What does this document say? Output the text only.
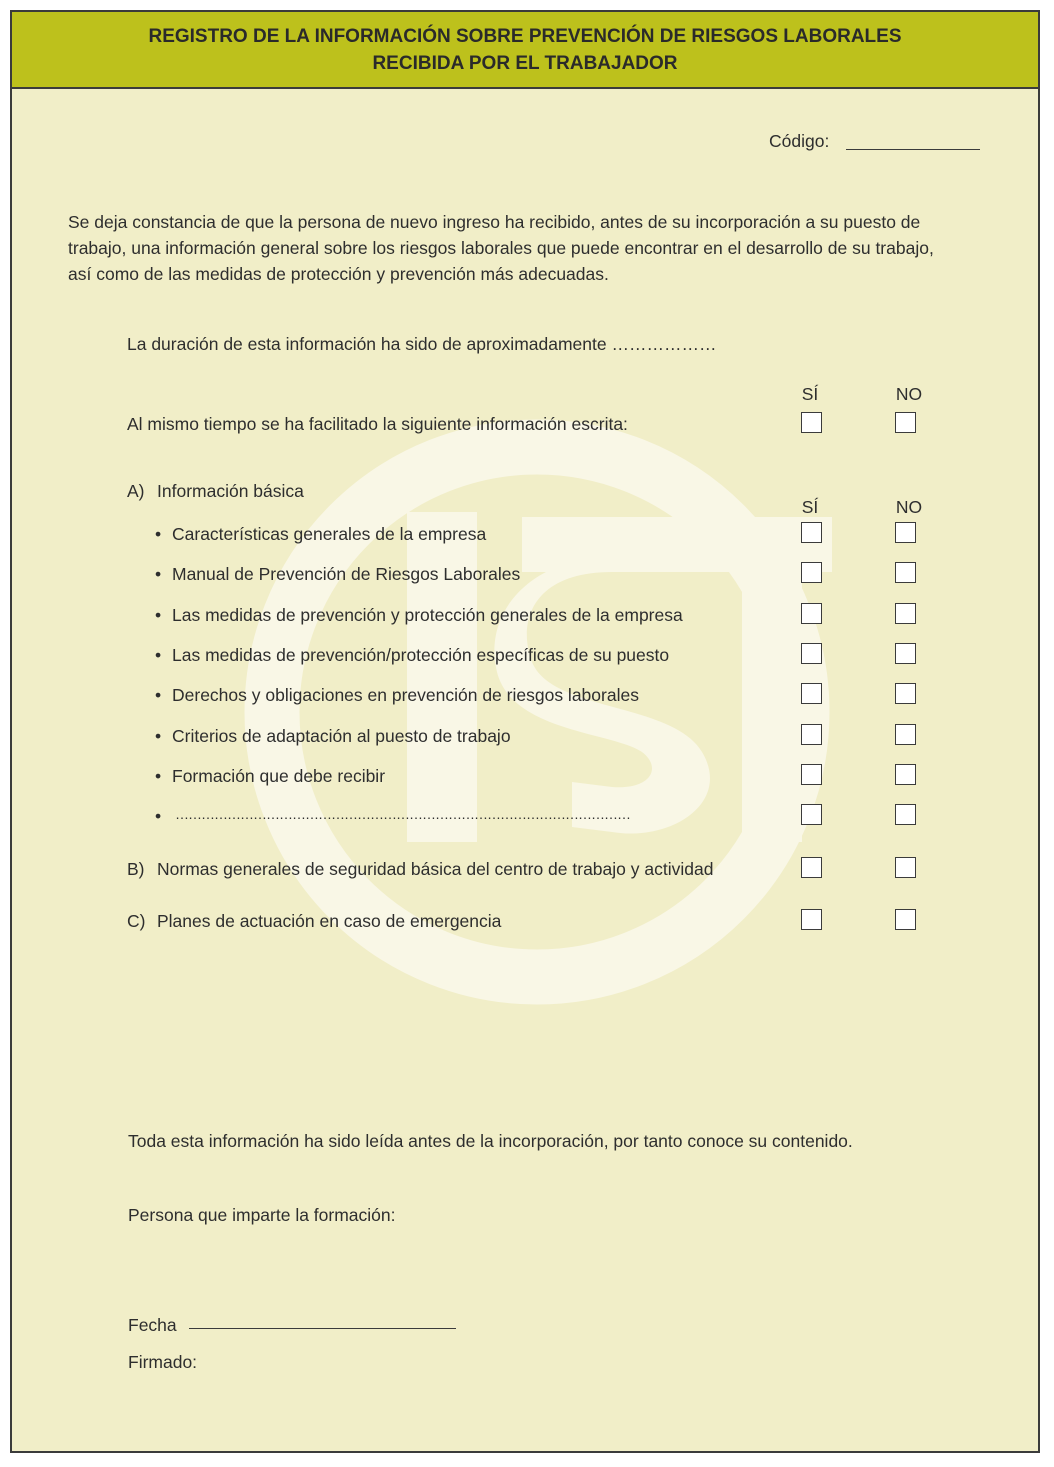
REGISTRO DE LA INFORMACIÓN SOBRE PREVENCIÓN DE RIESGOS LABORALES
RECIBIDA POR EL TRABAJADOR
Código:
Se deja constancia de que la persona de nuevo ingreso ha recibido, antes de su incorporación a su puesto de
trabajo, una información general sobre los riesgos laborales que puede encontrar en el desarrollo de su trabajo,
así como de las medidas de protección y prevención más adecuadas.
La duración de esta información ha sido de aproximadamente ………………
SÍ	NO
Al mismo tiempo se ha facilitado la siguiente información escrita:
A) Información básica
SÍ	NO
• Características generales de la empresa
• Manual de Prevención de Riesgos Laborales
• Las medidas de prevención y protección generales de la empresa
• Las medidas de prevención/protección específicas de su puesto
• Derechos y obligaciones en prevención de riesgos laborales
• Criterios de adaptación al puesto de trabajo
• Formación que debe recibir
• ……………………………………………………………………………………………
B) Normas generales de seguridad básica del centro de trabajo y actividad
C) Planes de actuación en caso de emergencia
Toda esta información ha sido leída antes de la incorporación, por tanto conoce su contenido.
Persona que imparte la formación:
Fecha
Firmado:
